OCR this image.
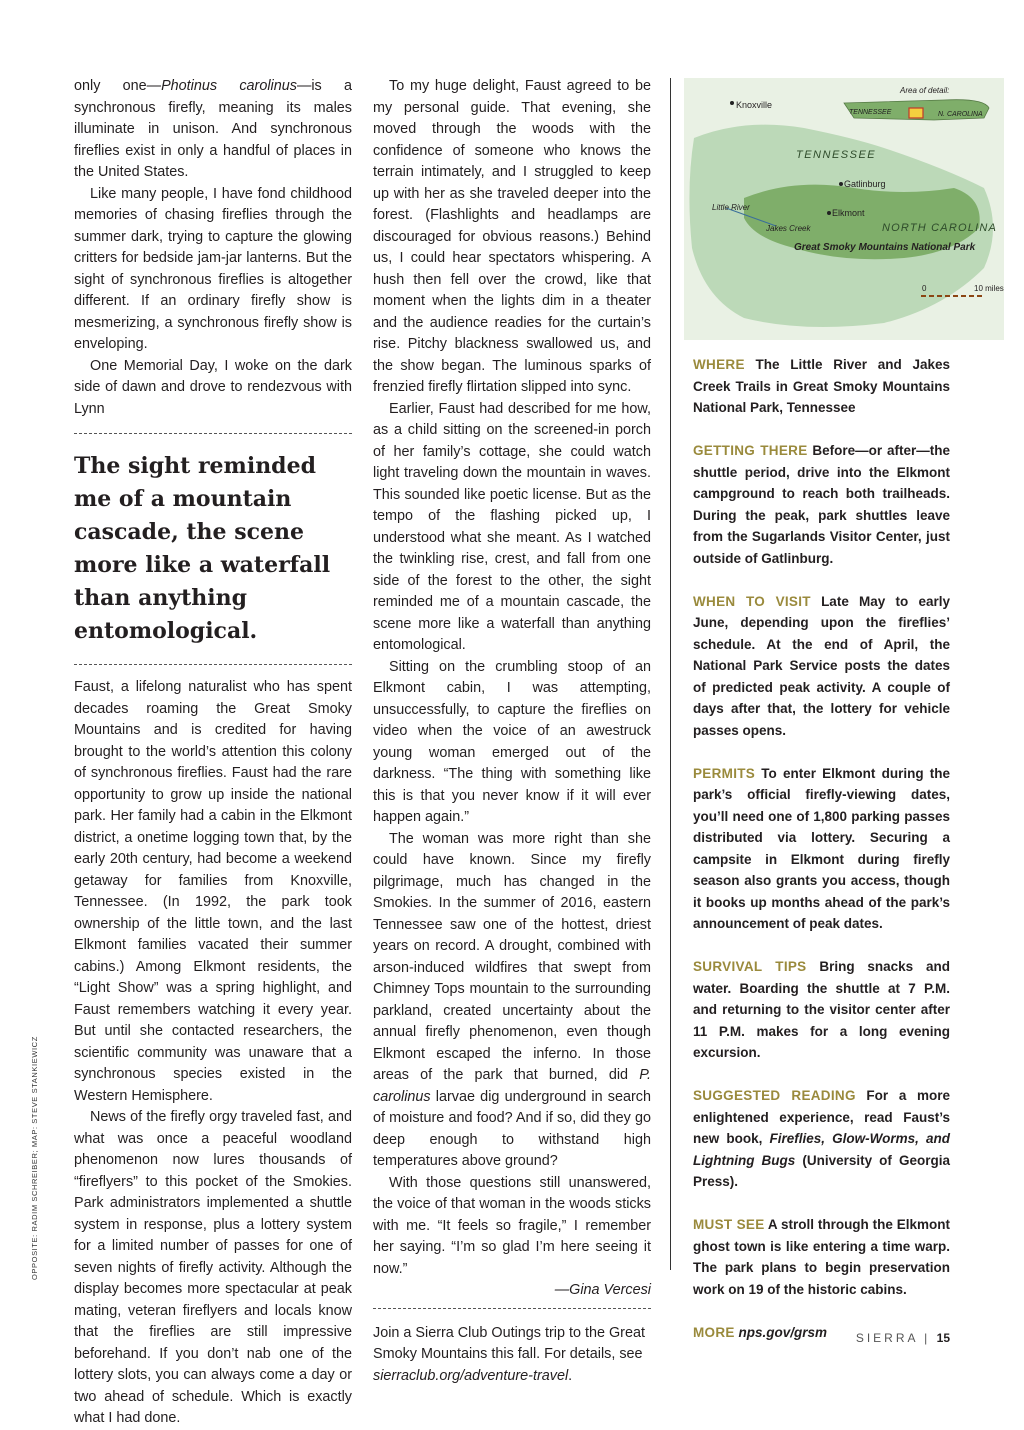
only one—Photinus carolinus—is a synchronous firefly, meaning its males illuminate in unison. And synchronous fireflies exist in only a handful of places in the United States.

Like many people, I have fond childhood memories of chasing fireflies through the summer dark, trying to capture the glowing critters for bedside jam-jar lanterns. But the sight of synchronous fireflies is altogether different. If an ordinary firefly show is mesmerizing, a synchronous firefly show is enveloping.

One Memorial Day, I woke on the dark side of dawn and drove to rendezvous with Lynn

The sight reminded me of a mountain cascade, the scene more like a waterfall than anything entomological.

Faust, a lifelong naturalist who has spent decades roaming the Great Smoky Mountains and is credited for having brought to the world’s attention this colony of synchronous fireflies. Faust had the rare opportunity to grow up inside the national park. Her family had a cabin in the Elkmont district, a onetime logging town that, by the early 20th century, had become a weekend getaway for families from Knoxville, Tennessee. (In 1992, the park took ownership of the little town, and the last Elkmont families vacated their summer cabins.) Among Elkmont residents, the “Light Show” was a spring highlight, and Faust remembers watching it every year. But until she contacted researchers, the scientific community was unaware that a synchronous species existed in the Western Hemisphere.

News of the firefly orgy traveled fast, and what was once a peaceful woodland phenomenon now lures thousands of “fireflyers” to this pocket of the Smokies. Park administrators implemented a shuttle system in response, plus a lottery system for a limited number of passes for one of seven nights of firefly activity. Although the display becomes more spectacular at peak mating, veteran fireflyers and locals know that the fireflies are still impressive beforehand. If you don’t nab one of the lottery slots, you can always come a day or two ahead of schedule. Which is exactly what I had done.

To my huge delight, Faust agreed to be my personal guide. That evening, she moved through the woods with the confidence of someone who knows the terrain intimately, and I struggled to keep up with her as she traveled deeper into the forest. (Flashlights and headlamps are discouraged for obvious reasons.) Behind us, I could hear spectators whispering. A hush then fell over the crowd, like that moment when the lights dim in a theater and the audience readies for the curtain’s rise. Pitchy blackness swallowed us, and the show began. The luminous sparks of frenzied firefly flirtation slipped into sync.

Earlier, Faust had described for me how, as a child sitting on the screened-in porch of her family’s cottage, she could watch light traveling down the mountain in waves. This sounded like poetic license. But as the tempo of the flashing picked up, I understood what she meant. As I watched the twinkling rise, crest, and fall from one side of the forest to the other, the sight reminded me of a mountain cascade, the scene more like a waterfall than anything entomological.

Sitting on the crumbling stoop of an Elkmont cabin, I was attempting, unsuccessfully, to capture the fireflies on video when the voice of an awestruck young woman emerged out of the darkness. “The thing with something like this is that you never know if it will ever happen again.”

The woman was more right than she could have known. Since my firefly pilgrimage, much has changed in the Smokies. In the summer of 2016, eastern Tennessee saw one of the hottest, driest years on record. A drought, combined with arson-induced wildfires that swept from Chimney Tops mountain to the surrounding parkland, created uncertainty about the annual firefly phenomenon, even though Elkmont escaped the inferno. In those areas of the park that burned, did P. carolinus larvae dig underground in search of moisture and food? And if so, did they go deep enough to withstand high temperatures above ground?

With those questions still unanswered, the voice of that woman in the woods sticks with me. “It feels so fragile,” I remember her saying. “I’m so glad I’m here seeing it now.”

—Gina Vercesi

Join a Sierra Club Outings trip to the Great Smoky Mountains this fall. For details, see sierraclub.org/adventure-travel.

Area of detail:
TENNESSEE	N. CAROLINA
Knoxville
TENNESSEE
Gatlinburg
Little River
Elkmont
Jakes Creek	NORTH CAROLINA
Great Smoky Mountains National Park
0	10 miles

WHERE The Little River and Jakes Creek Trails in Great Smoky Mountains National Park, Tennessee

GETTING THERE Before—or after—the shuttle period, drive into the Elkmont campground to reach both trailheads. During the peak, park shuttles leave from the Sugarlands Visitor Center, just outside of Gatlinburg.

WHEN TO VISIT Late May to early June, depending upon the fireflies’ schedule. At the end of April, the National Park Service posts the dates of predicted peak activity. A couple of days after that, the lottery for vehicle passes opens.

PERMITS To enter Elkmont during the park’s official firefly-viewing dates, you’ll need one of 1,800 parking passes distributed via lottery. Securing a campsite in Elkmont during firefly season also grants you access, though it books up months ahead of the park’s announcement of peak dates.

SURVIVAL TIPS Bring snacks and water. Boarding the shuttle at 7 P.M. and returning to the visitor center after 11 P.M. makes for a long evening excursion.

SUGGESTED READING For a more enlightened experience, read Faust’s new book, Fireflies, Glow-Worms, and Lightning Bugs (University of Georgia Press).

MUST SEE A stroll through the Elkmont ghost town is like entering a time warp. The park plans to begin preservation work on 19 of the historic cabins.

MORE nps.gov/grsm

OPPOSITE: RADIM SCHREIBER; MAP: STEVE STANKIEWICZ
SIERRA | 15
